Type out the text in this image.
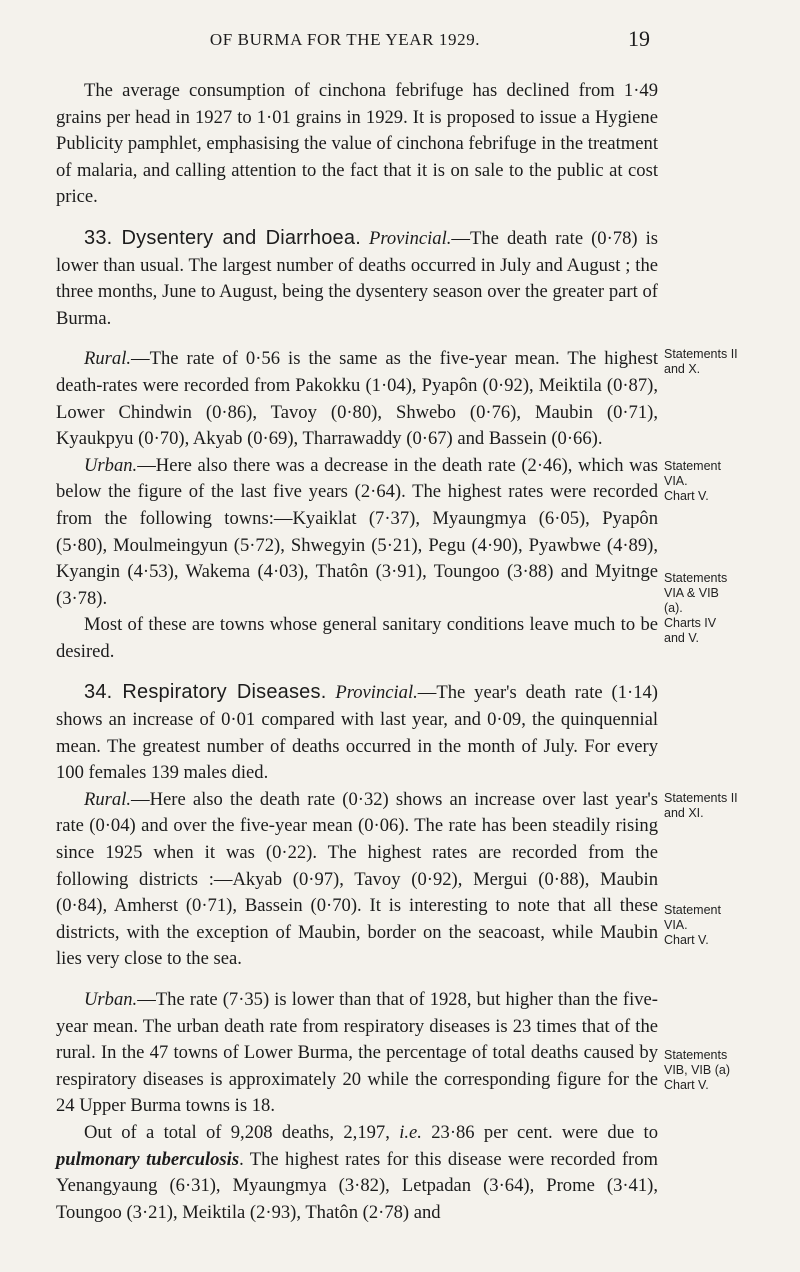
OF BURMA FOR THE YEAR 1929.	19

The average consumption of cinchona febrifuge has declined from 1·49 grains per head in 1927 to 1·01 grains in 1929. It is proposed to issue a Hygiene Publicity pamphlet, emphasising the value of cinchona febrifuge in the treatment of malaria, and calling attention to the fact that it is on sale to the public at cost price.

33. Dysentery and Diarrhoea. Provincial.—The death rate (0·78) is lower than usual. The largest number of deaths occurred in July and August ; the three months, June to August, being the dysentery season over the greater part of Burma.

Rural.—The rate of 0·56 is the same as the five-year mean. The highest death-rates were recorded from Pakokku (1·04), Pyapôn (0·92), Meiktila (0·87), Lower Chindwin (0·86), Tavoy (0·80), Shwebo (0·76), Maubin (0·71), Kyaukpyu (0·70), Akyab (0·69), Tharrawaddy (0·67) and Bassein (0·66).

Urban.—Here also there was a decrease in the death rate (2·46), which was below the figure of the last five years (2·64). The highest rates were recorded from the following towns:—Kyaiklat (7·37), Myaungmya (6·05), Pyapôn (5·80), Moulmeingyun (5·72), Shwegyin (5·21), Pegu (4·90), Pyawbwe (4·89), Kyangin (4·53), Wakema (4·03), Thatôn (3·91), Toungoo (3·88) and Myitnge (3·78).

Most of these are towns whose general sanitary conditions leave much to be desired.

34. Respiratory Diseases. Provincial.—The year's death rate (1·14) shows an increase of 0·01 compared with last year, and 0·09, the quinquennial mean. The greatest number of deaths occurred in the month of July. For every 100 females 139 males died.

Rural.—Here also the death rate (0·32) shows an increase over last year's rate (0·04) and over the five-year mean (0·06). The rate has been steadily rising since 1925 when it was (0·22). The highest rates are recorded from the following districts :—Akyab (0·97), Tavoy (0·92), Mergui (0·88), Maubin (0·84), Amherst (0·71), Bassein (0·70). It is interesting to note that all these districts, with the exception of Maubin, border on the seacoast, while Maubin lies very close to the sea.

Urban.—The rate (7·35) is lower than that of 1928, but higher than the five-year mean. The urban death rate from respiratory diseases is 23 times that of the rural. In the 47 towns of Lower Burma, the percentage of total deaths caused by respiratory diseases is approximately 20 while the corresponding figure for the 24 Upper Burma towns is 18.

Out of a total of 9,208 deaths, 2,197, i.e. 23·86 per cent. were due to pulmonary tuberculosis. The highest rates for this disease were recorded from Yenangyaung (6·31), Myaungmya (3·82), Letpadan (3·64), Prome (3·41), Toungoo (3·21), Meiktila (2·93), Thatôn (2·78) and

Statements II
and X.
Statement
VIA.
Chart V.
Statements
VIA & VIB
(a).
Charts IV
and V.
Statements II
and XI.
Statement
VIA.
Chart V.
Statements
VIB, VIB (a)
Chart V.
